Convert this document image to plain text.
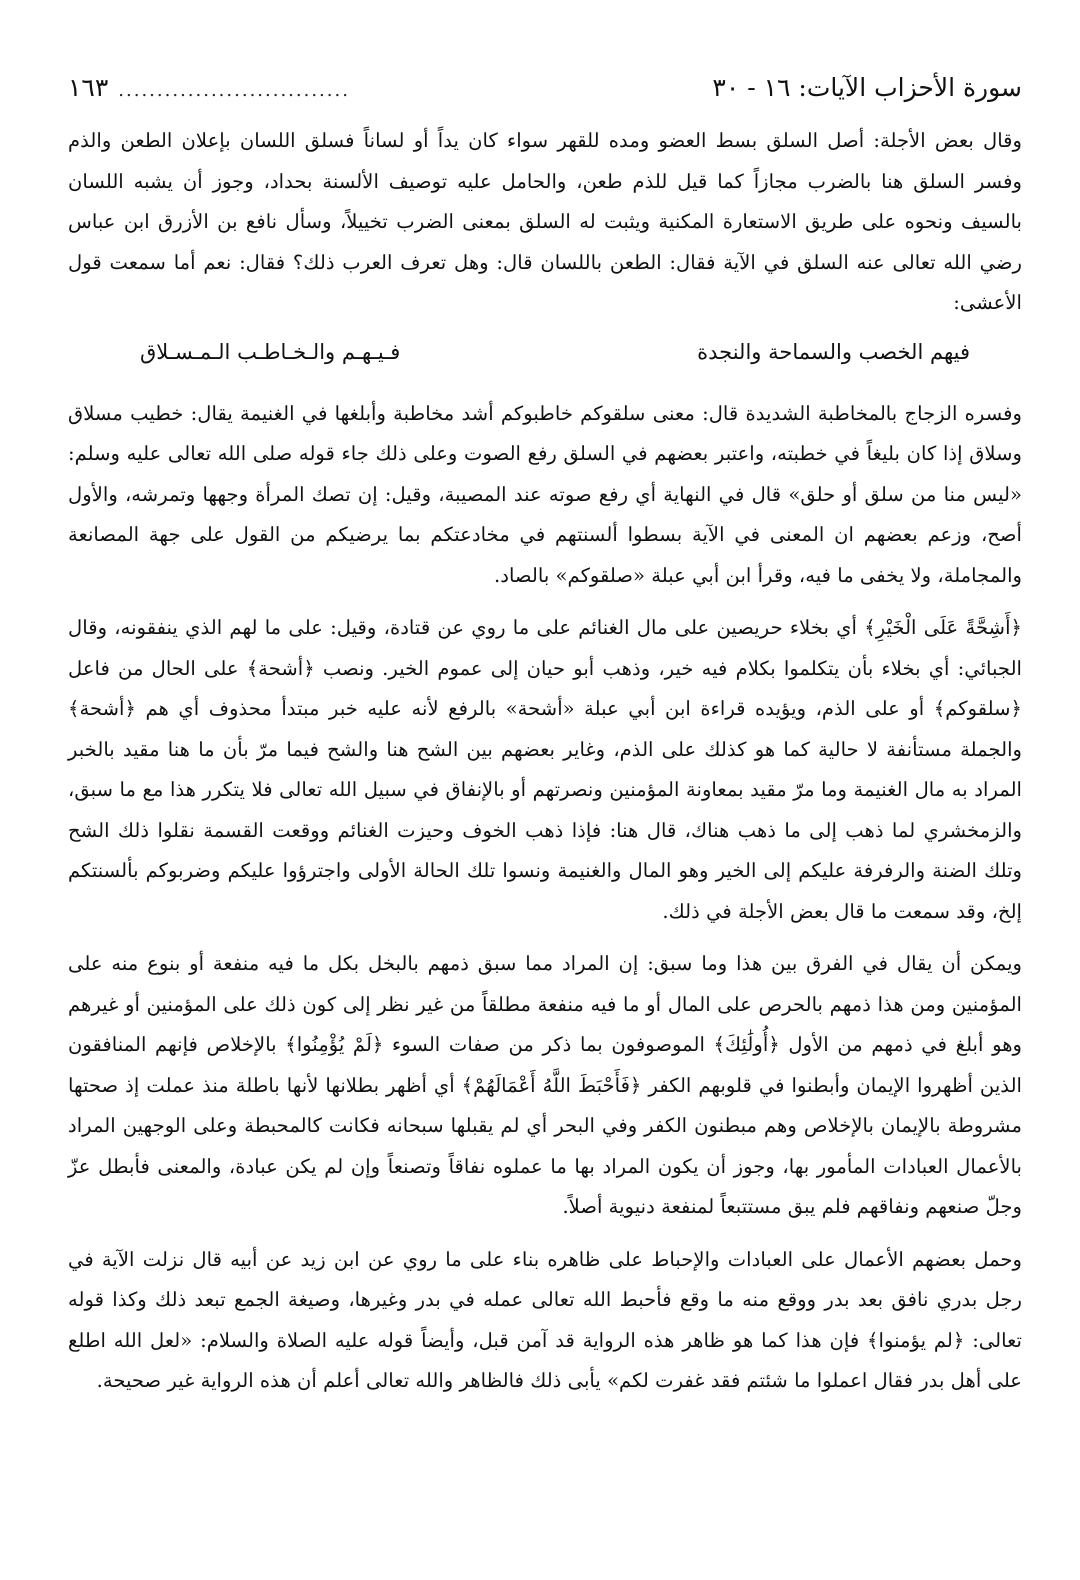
سورة الأحزاب الآيات: ١٦ - ٣٠
..............................
١٦٣

وقال بعض الأجلة: أصل السلق بسط العضو ومده للقهر سواء كان يداً أو لساناً فسلق اللسان بإعلان الطعن والذم وفسر السلق هنا بالضرب مجازاً كما قيل للذم طعن، والحامل عليه توصيف الألسنة بحداد، وجوز أن يشبه اللسان بالسيف ونحوه على طريق الاستعارة المكنية ويثبت له السلق بمعنى الضرب تخييلاً، وسأل نافع بن الأزرق ابن عباس رضي الله تعالى عنه السلق في الآية فقال: الطعن باللسان قال: وهل تعرف العرب ذلك؟ فقال: نعم أما سمعت قول الأعشى:

فيهم الخصب والسماحة والنجدة
فـيـهـم والـخـاطـب الـمـسـلاق

وفسره الزجاج بالمخاطبة الشديدة قال: معنى سلقوكم خاطبوكم أشد مخاطبة وأبلغها في الغنيمة يقال: خطيب مسلاق وسلاق إذا كان بليغاً في خطبته، واعتبر بعضهم في السلق رفع الصوت وعلى ذلك جاء قوله صلى الله تعالى عليه وسلم: «ليس منا من سلق أو حلق» قال في النهاية أي رفع صوته عند المصيبة، وقيل: إن تصك المرأة وجهها وتمرشه، والأول أصح، وزعم بعضهم ان المعنى في الآية بسطوا ألسنتهم في مخادعتكم بما يرضيكم من القول على جهة المصانعة والمجاملة، ولا يخفى ما فيه، وقرأ ابن أبي عبلة «صلقوكم» بالصاد.

﴿أَشِحَّةً عَلَى الْخَيْرِ﴾ أي بخلاء حريصين على مال الغنائم على ما روي عن قتادة، وقيل: على ما لهم الذي ينفقونه، وقال الجبائي: أي بخلاء بأن يتكلموا بكلام فيه خير، وذهب أبو حيان إلى عموم الخير. ونصب ﴿أشحة﴾ على الحال من فاعل ﴿سلقوكم﴾ أو على الذم، ويؤيده قراءة ابن أبي عبلة «أشحة» بالرفع لأنه عليه خبر مبتدأ محذوف أي هم ﴿أشحة﴾ والجملة مستأنفة لا حالية كما هو كذلك على الذم، وغاير بعضهم بين الشح هنا والشح فيما مرّ بأن ما هنا مقيد بالخبر المراد به مال الغنيمة وما مرّ مقيد بمعاونة المؤمنين ونصرتهم أو بالإنفاق في سبيل الله تعالى فلا يتكرر هذا مع ما سبق، والزمخشري لما ذهب إلى ما ذهب هناك، قال هنا: فإذا ذهب الخوف وحيزت الغنائم ووقعت القسمة نقلوا ذلك الشح وتلك الضنة والرفرفة عليكم إلى الخير وهو المال والغنيمة ونسوا تلك الحالة الأولى واجترؤوا عليكم وضربوكم بألسنتكم إلخ، وقد سمعت ما قال بعض الأجلة في ذلك.

ويمكن أن يقال في الفرق بين هذا وما سبق: إن المراد مما سبق ذمهم بالبخل بكل ما فيه منفعة أو بنوع منه على المؤمنين ومن هذا ذمهم بالحرص على المال أو ما فيه منفعة مطلقاً من غير نظر إلى كون ذلك على المؤمنين أو غيرهم وهو أبلغ في ذمهم من الأول ﴿أُولَٰئِكَ﴾ الموصوفون بما ذكر من صفات السوء ﴿لَمْ يُؤْمِنُوا﴾ بالإخلاص فإنهم المنافقون الذين أظهروا الإيمان وأبطنوا في قلوبهم الكفر ﴿فَأَحْبَطَ اللَّهُ أَعْمَالَهُمْ﴾ أي أظهر بطلانها لأنها باطلة منذ عملت إذ صحتها مشروطة بالإيمان بالإخلاص وهم مبطنون الكفر وفي البحر أي لم يقبلها سبحانه فكانت كالمحبطة وعلى الوجهين المراد بالأعمال العبادات المأمور بها، وجوز أن يكون المراد بها ما عملوه نفاقاً وتصنعاً وإن لم يكن عبادة، والمعنى فأبطل عزّ وجلّ صنعهم ونفاقهم فلم يبق مستتبعاً لمنفعة دنيوية أصلاً.

وحمل بعضهم الأعمال على العبادات والإحباط على ظاهره بناء على ما روي عن ابن زيد عن أبيه قال نزلت الآية في رجل بدري نافق بعد بدر ووقع منه ما وقع فأحبط الله تعالى عمله في بدر وغيرها، وصيغة الجمع تبعد ذلك وكذا قوله تعالى: ﴿لم يؤمنوا﴾ فإن هذا كما هو ظاهر هذه الرواية قد آمن قبل، وأيضاً قوله عليه الصلاة والسلام: «لعل الله اطلع على أهل بدر فقال اعملوا ما شئتم فقد غفرت لكم» يأبى ذلك فالظاهر والله تعالى أعلم أن هذه الرواية غير صحيحة.
